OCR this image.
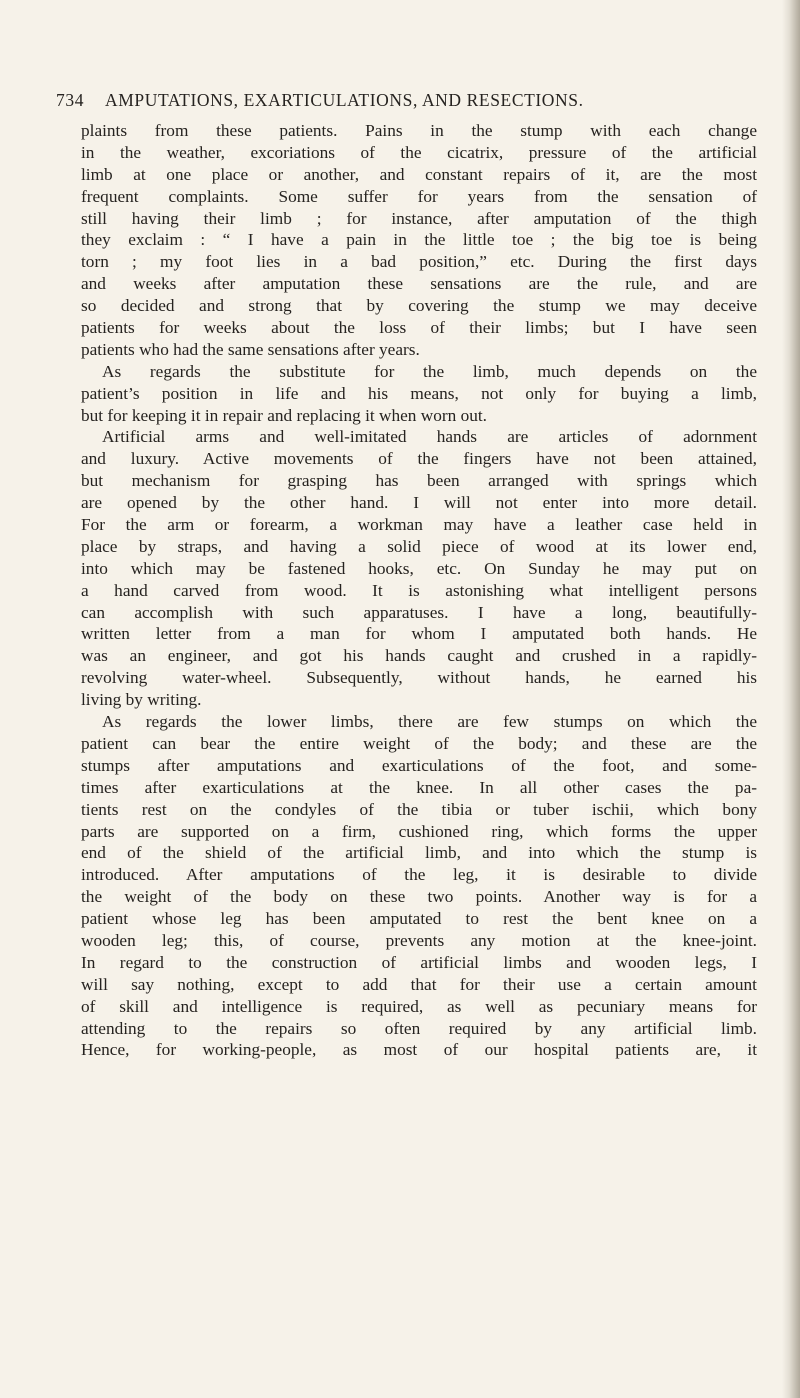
734 AMPUTATIONS, EXARTICULATIONS, AND RESECTIONS.
plaints from these patients. Pains in the stump with each change
in the weather, excoriations of the cicatrix, pressure of the artificial
limb at one place or another, and constant repairs of it, are the most
frequent complaints. Some suffer for years from the sensation of
still having their limb ; for instance, after amputation of the thigh
they exclaim : “ I have a pain in the little toe ; the big toe is being
torn ; my foot lies in a bad position,” etc. During the first days
and weeks after amputation these sensations are the rule, and are
so decided and strong that by covering the stump we may deceive
patients for weeks about the loss of their limbs; but I have seen
patients who had the same sensations after years.
As regards the substitute for the limb, much depends on the
patient’s position in life and his means, not only for buying a limb,
but for keeping it in repair and replacing it when worn out.
Artificial arms and well-imitated hands are articles of adornment
and luxury. Active movements of the fingers have not been attained,
but mechanism for grasping has been arranged with springs which
are opened by the other hand. I will not enter into more detail.
For the arm or forearm, a workman may have a leather case held in
place by straps, and having a solid piece of wood at its lower end,
into which may be fastened hooks, etc. On Sunday he may put on
a hand carved from wood. It is astonishing what intelligent persons
can accomplish with such apparatuses. I have a long, beautifully-
written letter from a man for whom I amputated both hands. He
was an engineer, and got his hands caught and crushed in a rapidly-
revolving water-wheel. Subsequently, without hands, he earned his
living by writing.
As regards the lower limbs, there are few stumps on which the
patient can bear the entire weight of the body; and these are the
stumps after amputations and exarticulations of the foot, and some-
times after exarticulations at the knee. In all other cases the pa-
tients rest on the condyles of the tibia or tuber ischii, which bony
parts are supported on a firm, cushioned ring, which forms the upper
end of the shield of the artificial limb, and into which the stump is
introduced. After amputations of the leg, it is desirable to divide
the weight of the body on these two points. Another way is for a
patient whose leg has been amputated to rest the bent knee on a
wooden leg; this, of course, prevents any motion at the knee-joint.
In regard to the construction of artificial limbs and wooden legs, I
will say nothing, except to add that for their use a certain amount
of skill and intelligence is required, as well as pecuniary means for
attending to the repairs so often required by any artificial limb.
Hence, for working-people, as most of our hospital patients are, it
